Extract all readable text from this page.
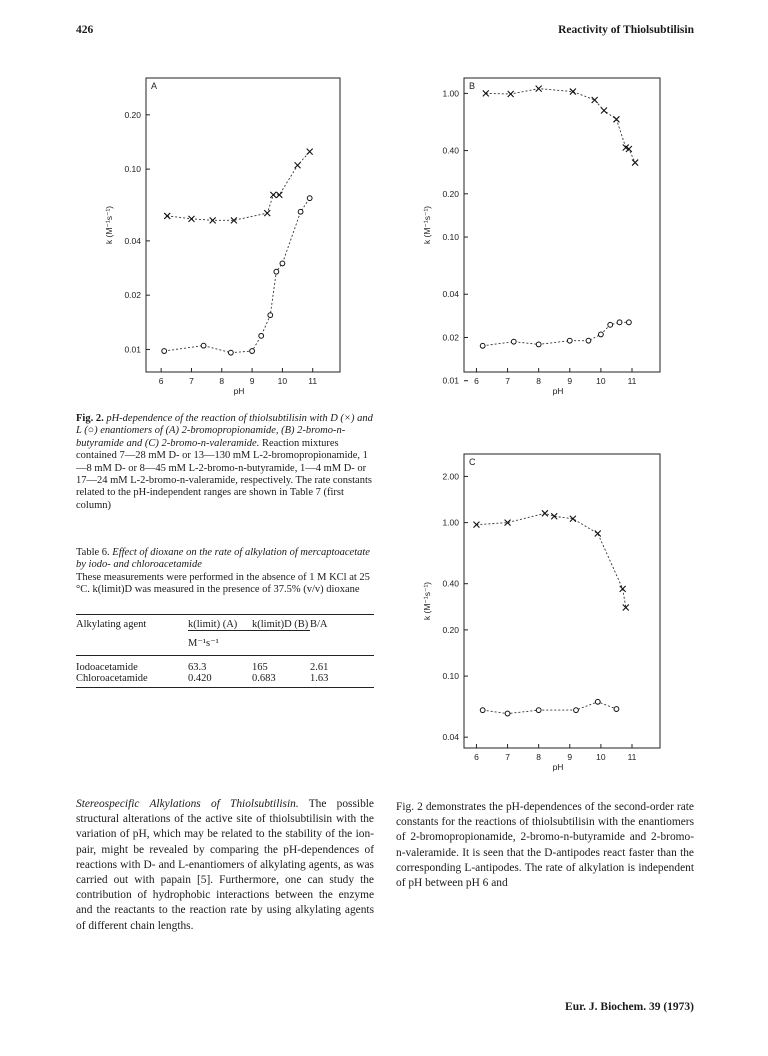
426	Reactivity of Thiolsubtilisin
A
6	7	8	9	10 11
0.01
0.02
0.04
0.10
0.20
pH
k (M⁻¹s⁻¹)
B
6	7	8	9	10	11
0.01
0.02
0.04
0.10
0.20
0.40
1.00
pH
k (M⁻¹s⁻¹)
C
6	7	8	9	10	11
0.04
0.10
0.20
0.40
1.00
2.00
pH
k (M⁻¹s⁻¹)
Fig. 2. pH-dependence of the reaction of thiolsubtilisin with D (×) and L (○) enantiomers of (A) 2-bromopropionamide, (B) 2-bromo-n-butyramide and (C) 2-bromo-n-valeramide. Reaction mixtures contained 7—28 mM D- or 13—130 mM L-2-bromopropionamide, 1—8 mM D- or 8—45 mM L-2-bromo-n-butyramide, 1—4 mM D- or 17—24 mM L-2-bromo-n-valeramide, respectively. The rate constants related to the pH-independent ranges are shown in Table 7 (first column)
Table 6. Effect of dioxane on the rate of alkylation of mercaptoacetate by iodo- and chloroacetamide
These measurements were performed in the absence of 1 M KCl at 25 °C. k(limit)D was measured in the presence of 37.5% (v/v) dioxane
Alkylating agent	k(limit) (A)	k(limit)D (B)	B/A
	M⁻¹s⁻¹		
Iodoacetamide	63.3	165	2.61
Chloroacetamide	0.420	0.683	1.63
Stereospecific Alkylations of Thiolsubtilisin. The possible structural alterations of the active site of thiolsubtilisin with the variation of pH, which may be related to the stability of the ion-pair, might be revealed by comparing the pH-dependences of reactions with D- and L-enantiomers of alkylating agents, as was carried out with papain [5]. Furthermore, one can study the contribution of hydrophobic interactions between the enzyme and the reactants to the reaction rate by using alkylating agents of different chain lengths.
Fig. 2 demonstrates the pH-dependences of the second-order rate constants for the reactions of thiolsubtilisin with the enantiomers of 2-bromopropionamide, 2-bromo-n-butyramide and 2-bromo-n-valeramide. It is seen that the D-antipodes react faster than the corresponding L-antipodes. The rate of alkylation is independent of pH between pH 6 and
Eur. J. Biochem. 39 (1973)
